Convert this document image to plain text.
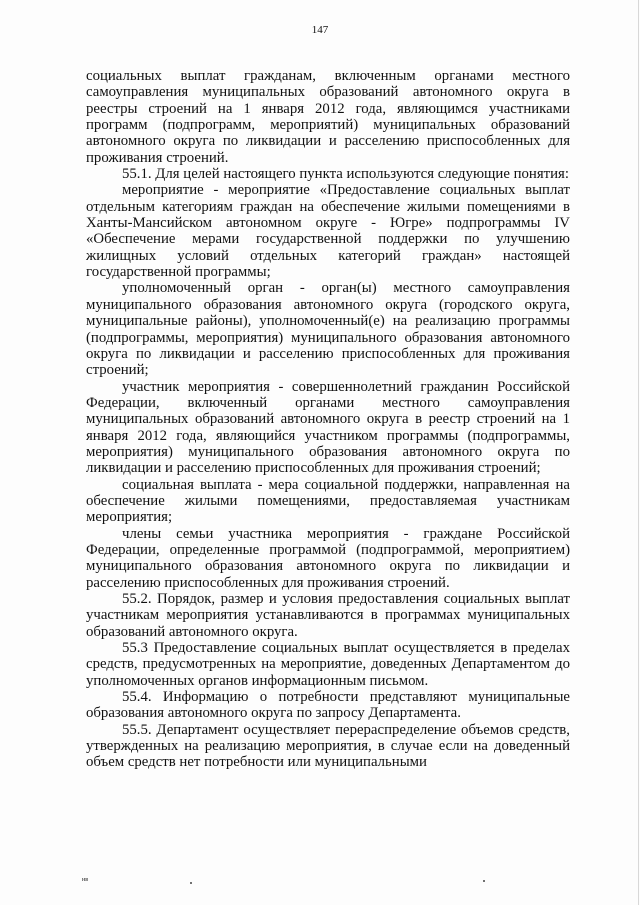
147

социальных выплат гражданам, включенным органами местного самоуправления муниципальных образований автономного округа в реестры строений на 1 января 2012 года, являющимся участниками программ (подпрограмм, мероприятий) муниципальных образований автономного округа по ликвидации и расселению приспособленных для проживания строений.

55.1. Для целей настоящего пункта используются следующие понятия:

мероприятие - мероприятие «Предоставление социальных выплат отдельным категориям граждан на обеспечение жилыми помещениями в Ханты-Мансийском автономном округе - Югре» подпрограммы IV «Обеспечение мерами государственной поддержки по улучшению жилищных условий отдельных категорий граждан» настоящей государственной программы;

уполномоченный орган - орган(ы) местного самоуправления муниципального образования автономного округа (городского округа, муниципальные районы), уполномоченный(е) на реализацию программы (подпрограммы, мероприятия) муниципального образования автономного округа по ликвидации и расселению приспособленных для проживания строений;

участник мероприятия - совершеннолетний гражданин Российской Федерации, включенный органами местного самоуправления муниципальных образований автономного округа в реестр строений на 1 января 2012 года, являющийся участником программы (подпрограммы, мероприятия) муниципального образования автономного округа по ликвидации и расселению приспособленных для проживания строений;

социальная выплата - мера социальной поддержки, направленная на обеспечение жилыми помещениями, предоставляемая участникам мероприятия;

члены семьи участника мероприятия - граждане Российской Федерации, определенные программой (подпрограммой, мероприятием) муниципального образования автономного округа по ликвидации и расселению приспособленных для проживания строений.

55.2. Порядок, размер и условия предоставления социальных выплат участникам мероприятия устанавливаются в программах муниципальных образований автономного округа.

55.3 Предоставление социальных выплат осуществляется в пределах средств, предусмотренных на мероприятие, доведенных Департаментом до уполномоченных органов информационным письмом.

55.4. Информацию о потребности представляют муниципальные образования автономного округа по запросу Департамента.

55.5. Департамент осуществляет перераспределение объемов средств, утвержденных на реализацию мероприятия, в случае если на доведенный объем средств нет потребности или муниципальными

нв
